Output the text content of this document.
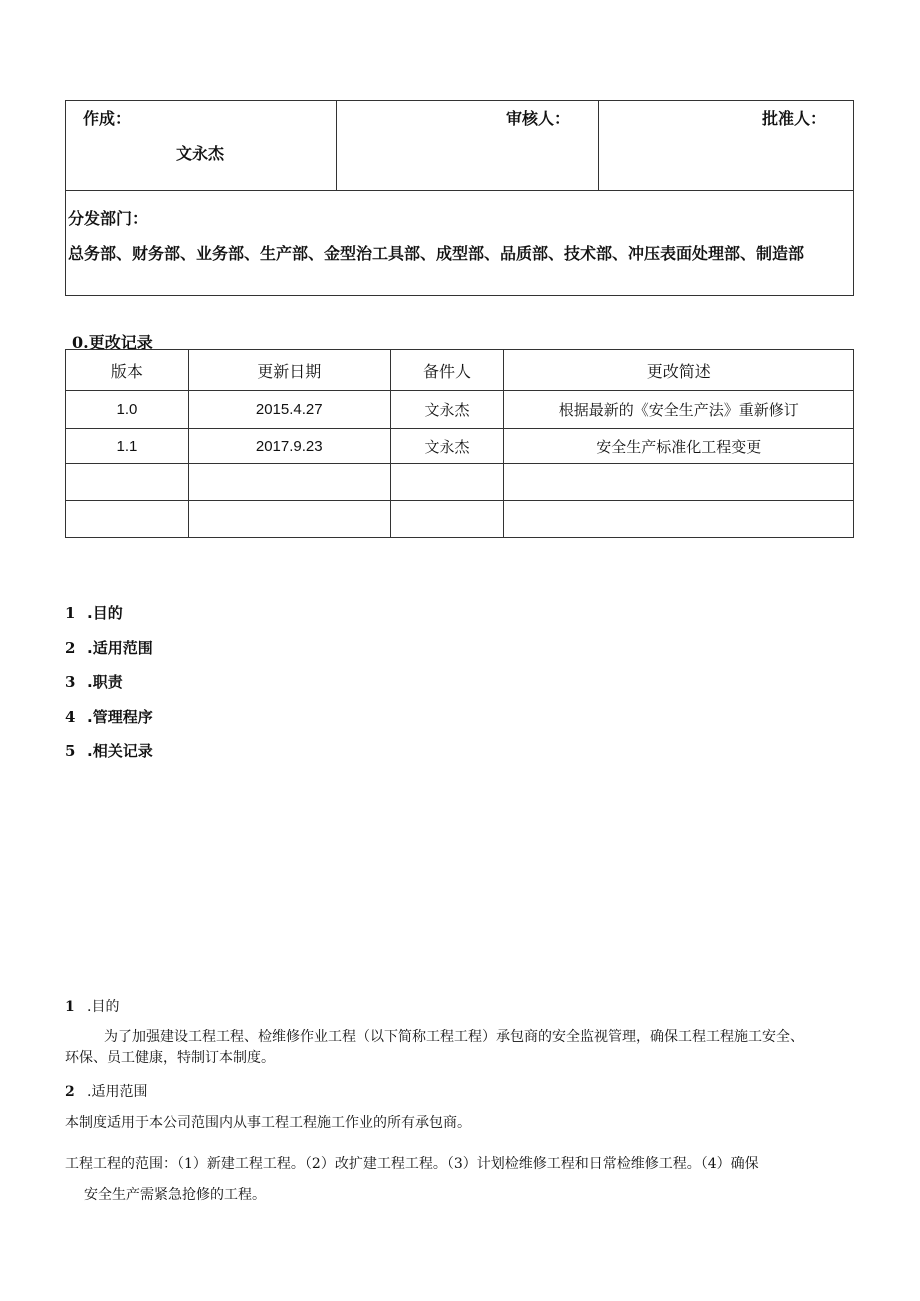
作成：
文永杰
审核人：	批准人：
分发部门：
总务部、财务部、业务部、生产部、金型治工具部、成型部、品质部、技术部、冲压表面处理部、制造部
0.更改记录
版本	更新日期	备件人	更改简述
1.0	2015.4.27	文永杰	根据最新的《安全生产法》重新修订
1.1	2017.9.23	文永杰	安全生产标准化工程变更

1 .目的
2 .适用范围
3 .职责
4 .管理程序
5 .相关记录
1 .目的
为了加强建设工程工程、检维修作业工程（以下简称工程工程）承包商的安全监视管理，确保工程工程施工安全、
环保、员工健康，特制订本制度。
2 .适用范围
本制度适用于本公司范围内从事工程工程施工作业的所有承包商。
工程工程的范围：（1）新建工程工程。（2）改扩建工程工程。（3）计划检维修工程和日常检维修工程。（4）确保
安全生产需紧急抢修的工程。
